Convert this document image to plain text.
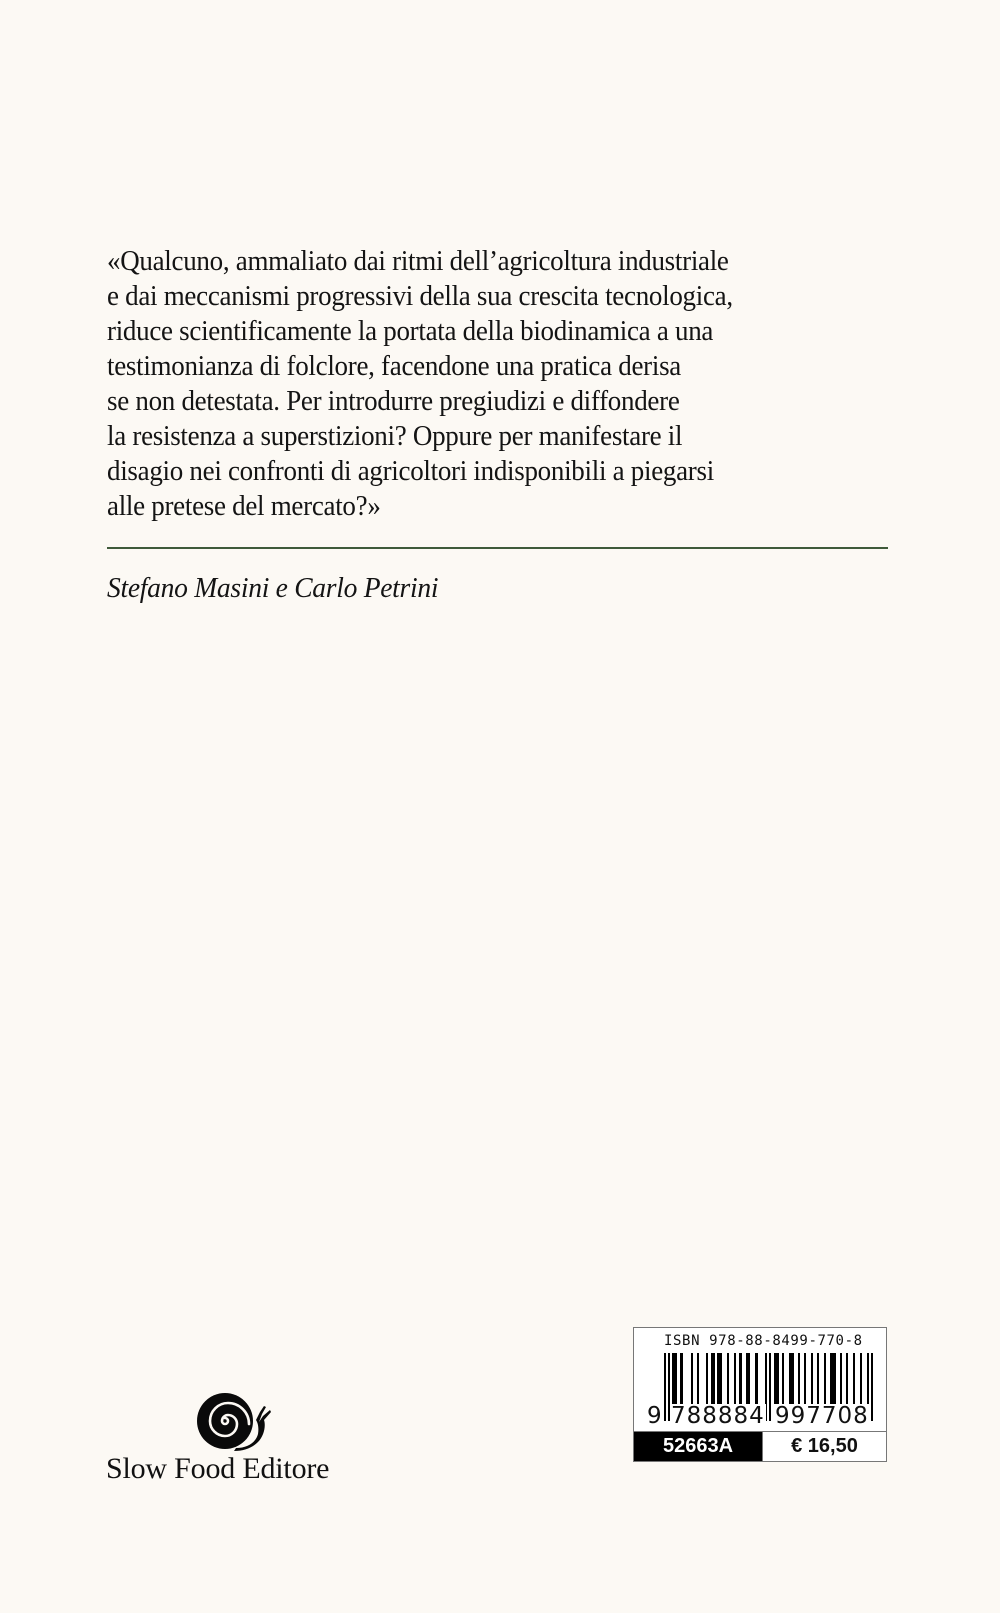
«Qualcuno, ammaliato dai ritmi dell’agricoltura industriale
e dai meccanismi progressivi della sua crescita tecnologica,
riduce scientificamente la portata della biodinamica a una
testimonianza di folclore, facendone una pratica derisa
se non detestata. Per introdurre pregiudizi e diffondere
la resistenza a superstizioni? Oppure per manifestare il
disagio nei confronti di agricoltori indisponibili a piegarsi
alle pretese del mercato?»
Stefano Masini e Carlo Petrini
Slow Food Editore
ISBN 978-88-8499-770-8
9 788884 997708
52663A	€ 16,50
